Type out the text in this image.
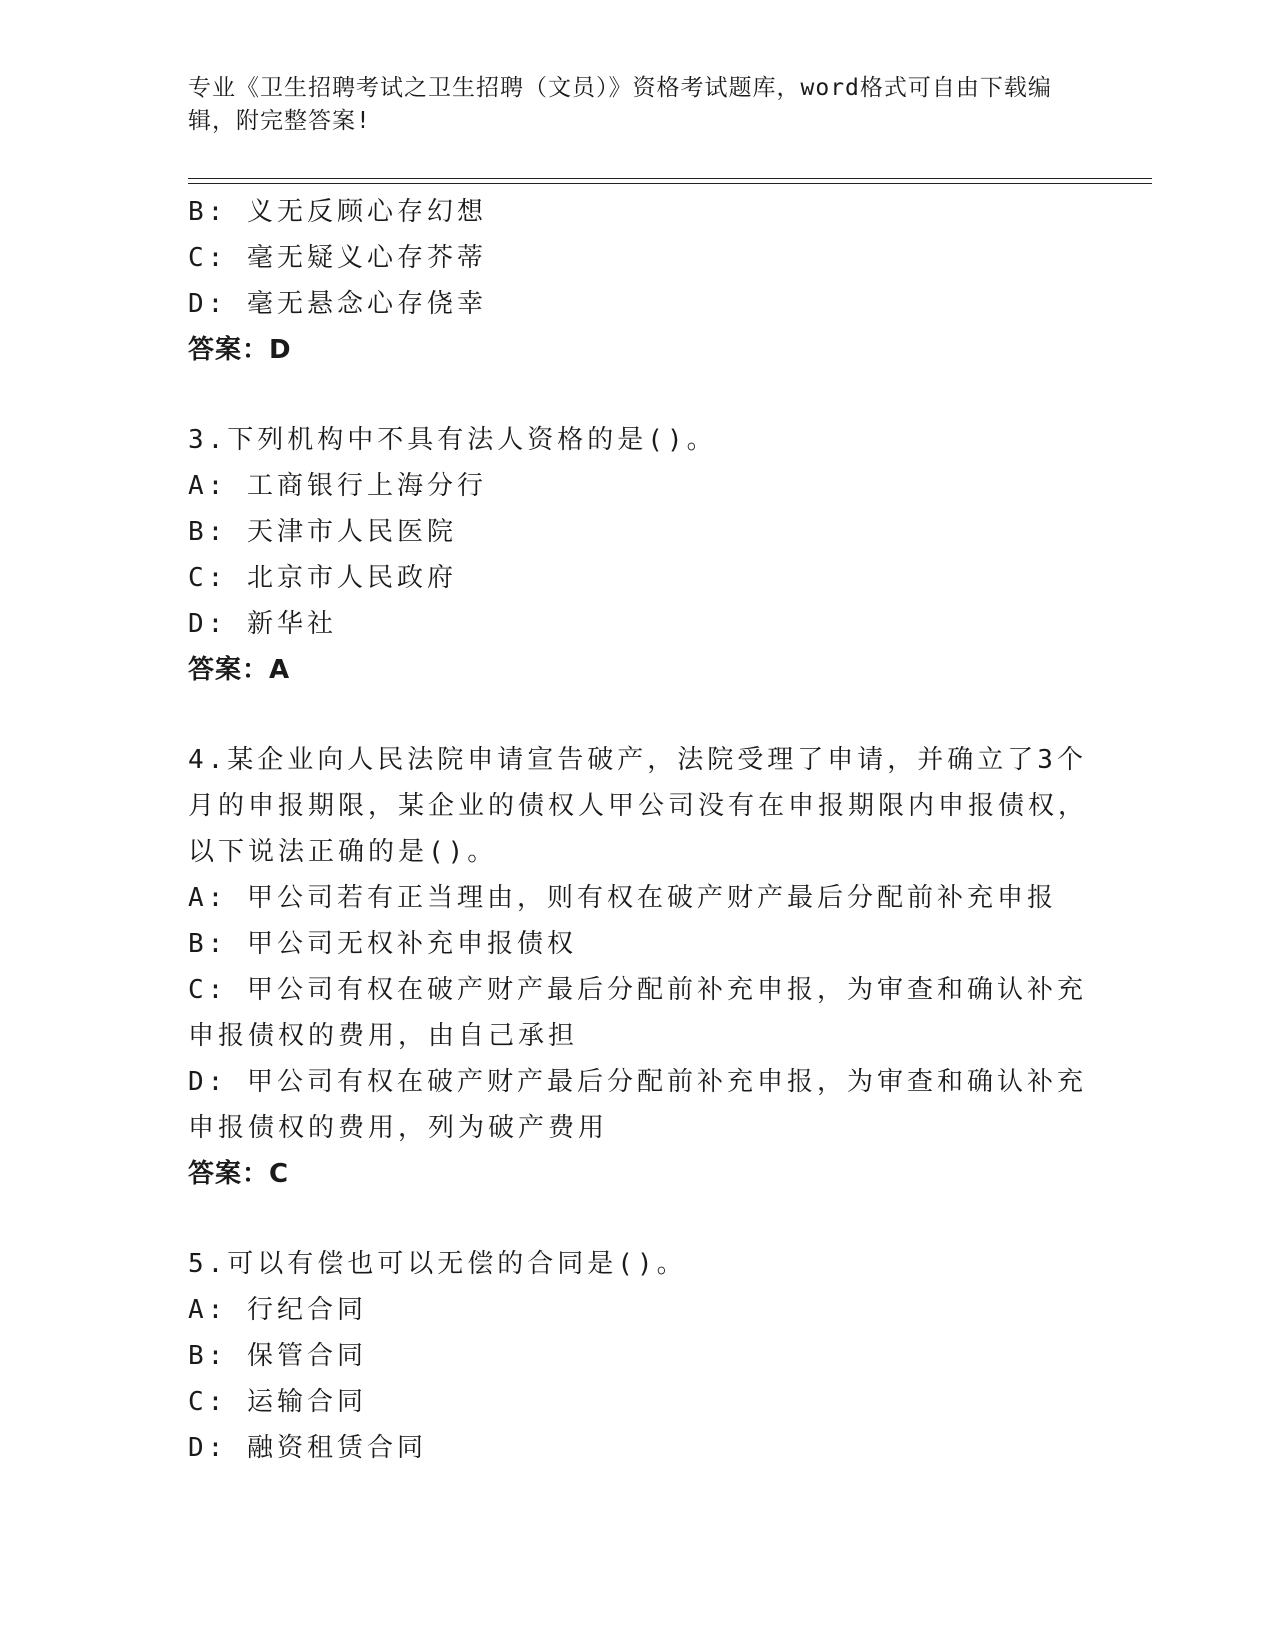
专业《卫生招聘考试之卫生招聘（文员）》资格考试题库，word格式可自由下载编辑，附完整答案!
B: 义无反顾心存幻想
C: 毫无疑义心存芥蒂
D: 毫无悬念心存侥幸
答案：D
3.下列机构中不具有法人资格的是()。
A: 工商银行上海分行
B: 天津市人民医院
C: 北京市人民政府
D: 新华社
答案：A
4.某企业向人民法院申请宣告破产，法院受理了申请，并确立了3个月的申报期限，某企业的债权人甲公司没有在申报期限内申报债权，以下说法正确的是()。
A: 甲公司若有正当理由，则有权在破产财产最后分配前补充申报
B: 甲公司无权补充申报债权
C: 甲公司有权在破产财产最后分配前补充申报，为审查和确认补充申报债权的费用，由自己承担
D: 甲公司有权在破产财产最后分配前补充申报，为审查和确认补充申报债权的费用，列为破产费用
答案：C
5.可以有偿也可以无偿的合同是()。
A: 行纪合同
B: 保管合同
C: 运输合同
D: 融资租赁合同
